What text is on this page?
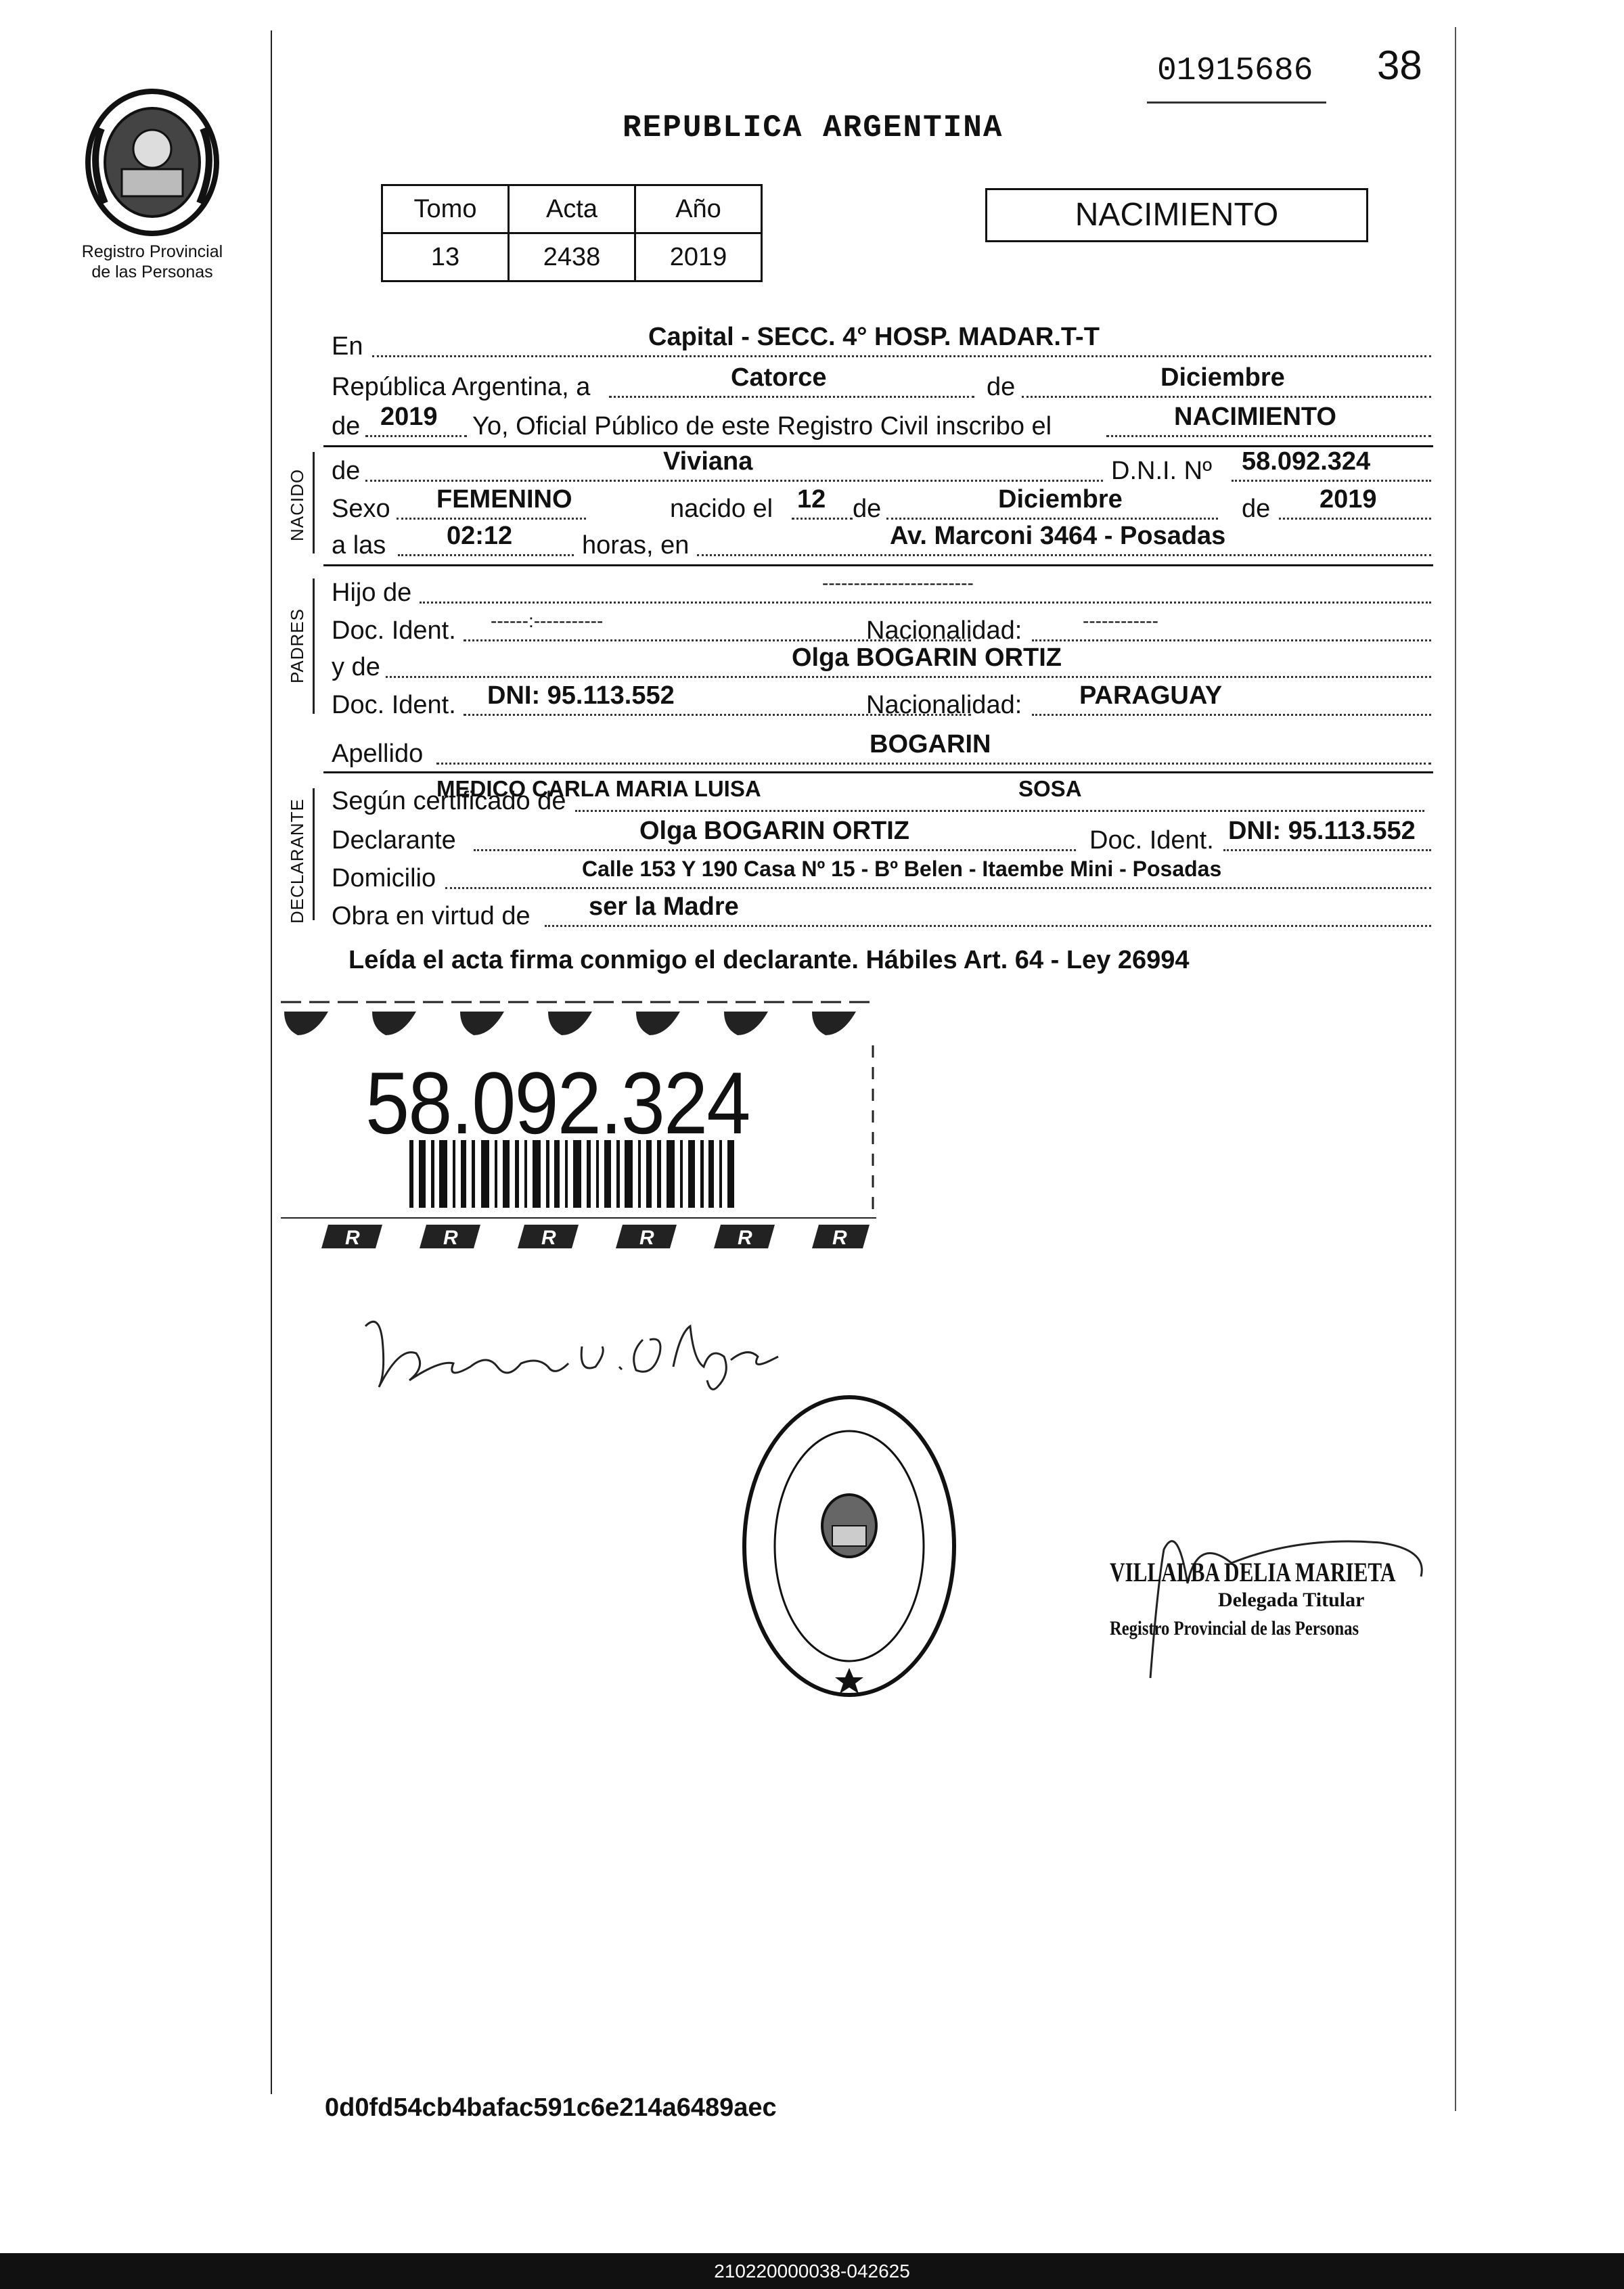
Registro Provincial
de las Personas
01915686 38
REPUBLICA ARGENTINA
Tomo	Acta	Año
13	2438	2019
NACIMIENTO
En	Capital - SECC. 4° HOSP. MADAR.T-T
República Argentina, a	Catorce	de	Diciembre
de 2019 Yo, Oficial Público de este Registro Civil inscribo el	NACIMIENTO
NACIDO de	Viviana	D.N.I. Nº 58.092.324
Sexo FEMENINO	nacido el 12 de	Diciembre	de 2019
a las 02:12	horas, en	Av. Marconi 3464 - Posadas
PADRES
Hijo de	------------------------
Doc. Ident. ------:-----------	Nacionalidad:	------------
y de	Olga BOGARIN ORTIZ
Doc. Ident. DNI: 95.113.552	Nacionalidad: PARAGUAY
Apellido	BOGARIN
DECLARANTE Según certificado de
MEDICO CARLA MARIA LUISA	SOSA
Declarante	Olga BOGARIN ORTIZ	Doc. Ident. DNI: 95.113.552
Domicilio	Calle 153 Y 190 Casa Nº 15 - Bº Belen - Itaembe Mini - Posadas
Obra en virtud de ser la Madre
Leída el acta firma conmigo el declarante. Hábiles Art. 64 - Ley 26994
R	R	R	R	R	R
58.092.324
VILLALBA DELIA MARIETA
Delegada Titular
Registro Provincial de las Personas
0d0fd54cb4bafac591c6e214a6489aec
210220000038-042625
